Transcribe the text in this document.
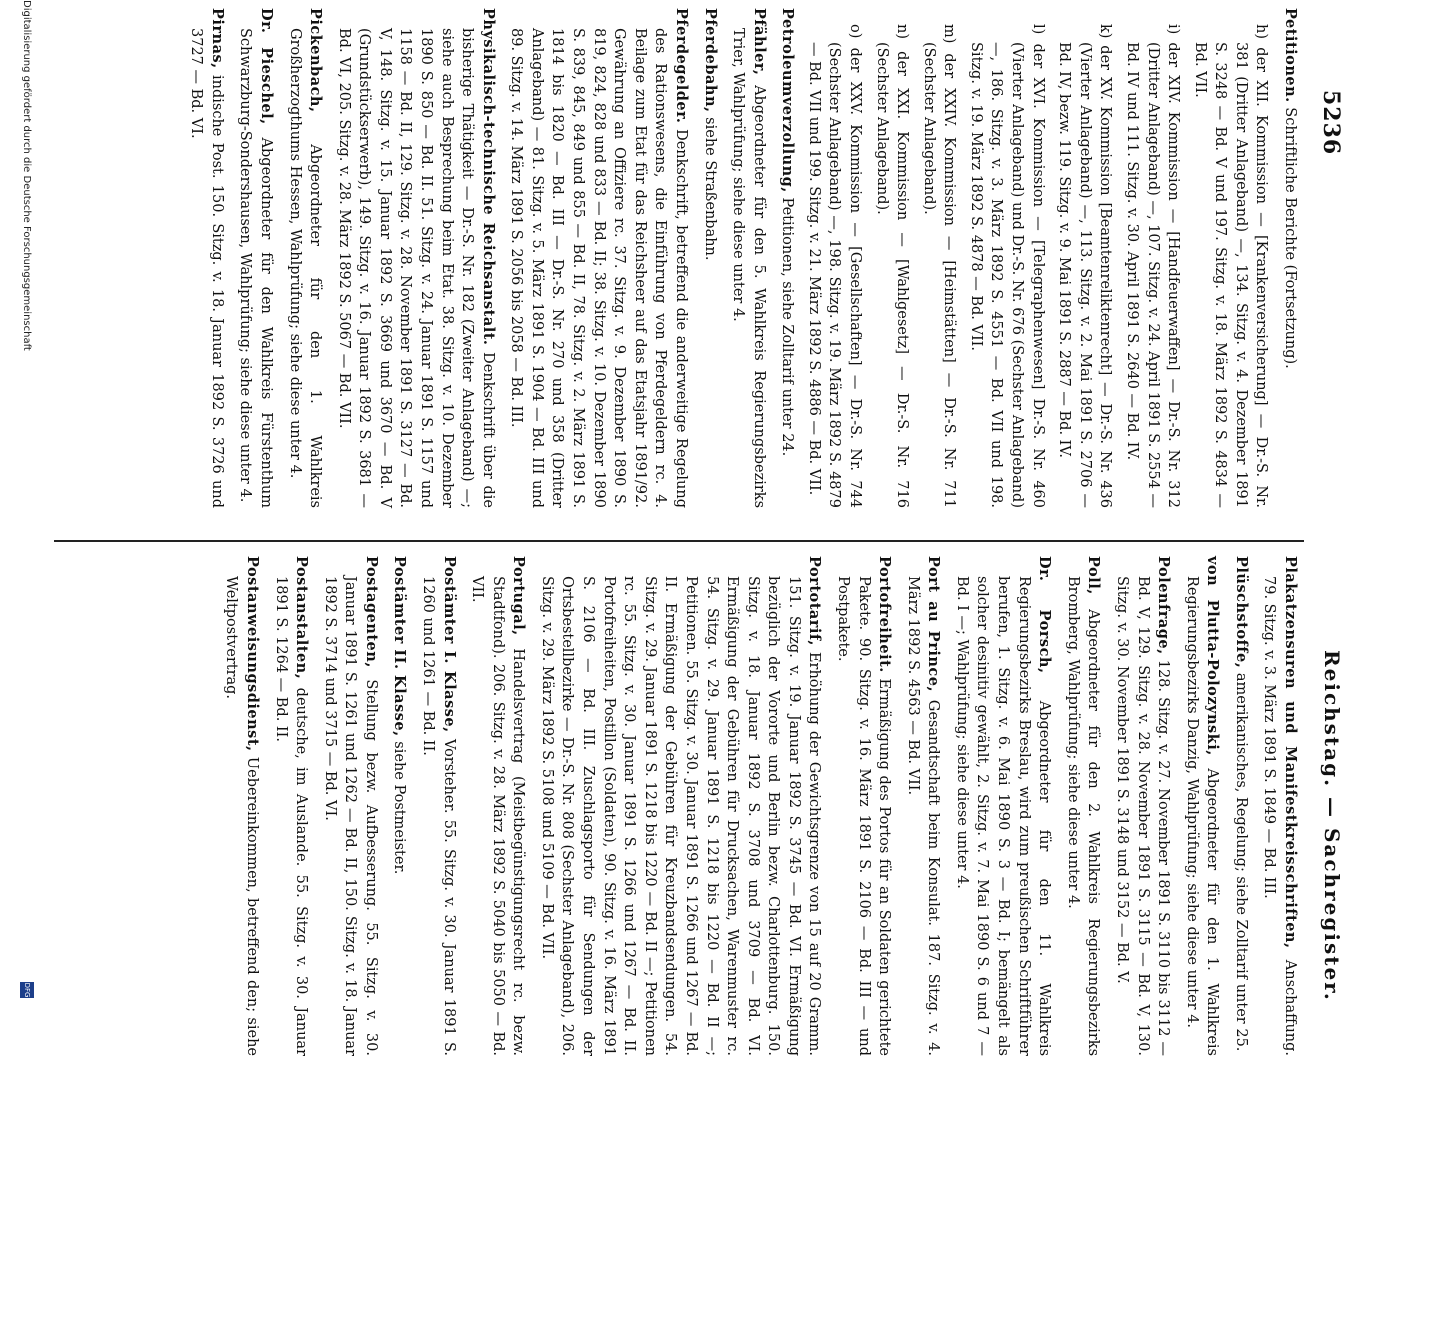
5236
Reichstag. — Sachregister.

Petitionen. Schriftliche Berichte (Fortsetzung).

h) der XII. Kommission — [Krankenversicherung] — Dr.-S. Nr. 381 (Dritter Anlageband) —, 134. Sitzg. v. 4. Dezember 1891 S. 3248 — Bd. V und 197. Sitzg. v. 18. März 1892 S. 4834 — Bd. VII.

i) der XIV. Kommission — [Handfeuerwaffen] — Dr.-S. Nr. 312 (Dritter Anlageband) —, 107. Sitzg. v. 24. April 1891 S. 2554 — Bd. IV und 111. Sitzg. v. 30. April 1891 S. 2640 — Bd. IV.

k) der XV. Kommission [Beamtenreliktenrecht] — Dr.-S. Nr. 436 (Vierter Anlageband) —, 113. Sitzg. v. 2. Mai 1891 S. 2706 — Bd. IV, bezw. 119. Sitzg. v. 9. Mai 1891 S. 2887 — Bd. IV.

l) der XVI. Kommission — [Telegraphenwesen] Dr.-S. Nr. 460 (Vierter Anlageband) und Dr.-S. Nr. 676 (Sechster Anlageband) —, 186. Sitzg. v. 3. März 1892 S. 4551 — Bd. VII und 198. Sitzg. v. 19. März 1892 S. 4878 — Bd. VII.

m) der XXIV. Kommission — [Heimstätten] — Dr.-S. Nr. 711 (Sechster Anlageband).

n) der XXI. Kommission — [Wahlgesetz] — Dr.-S. Nr. 716 (Sechster Anlageband).

o) der XXV. Kommission — [Gesellschaften] — Dr.-S. Nr. 744 (Sechster Anlageband) —, 198. Sitzg. v. 19. März 1892 S. 4879 — Bd. VII und 199. Sitzg. v. 21. März 1892 S. 4886 — Bd. VII.

Petroleumverzollung, Petitionen, siehe Zolltarif unter 24.

Pfähler, Abgeordneter für den 5. Wahlkreis Regierungsbezirks Trier, Wahlprüfung; siehe diese unter 4.

Pferdebahn, siehe Straßenbahn.

Pferdegelder. Denkschrift, betreffend die anderweitige Regelung des Rationswesens, die Einführung von Pferdegeldern rc. 4. Beilage zum Etat für das Reichsheer auf das Etatsjahr 1891/92. Gewährung an Offiziere rc. 37. Sitzg. v. 9. Dezember 1890 S. 819, 824, 828 und 833 — Bd. II; 38. Sitzg. v. 10. Dezember 1890 S. 839, 845, 849 und 855 — Bd. II, 78. Sitzg. v. 2. März 1891 S. 1814 bis 1820 — Bd. III — Dr.-S. Nr. 270 und 358 (Dritter Anlageband) — 81. Sitzg. v. 5. März 1891 S. 1904 — Bd. III und 89. Sitzg. v. 14. März 1891 S. 2056 bis 2058 — Bd. III.

Physikalisch-technische Reichsanstalt. Denkschrift über die bisherige Thätigkeit — Dr.-S. Nr. 182 (Zweiter Anlageband) —; siehe auch Besprechung beim Etat. 38. Sitzg. v. 10. Dezember 1890 S. 850 — Bd. II. 51. Sitzg. v. 24. Januar 1891 S. 1157 und 1158 — Bd. II, 129. Sitzg. v. 28. November 1891 S. 3127 — Bd. V, 148. Sitzg. v. 15. Januar 1892 S. 3669 und 3670 — Bd. V (Grundstückserwerb), 149. Sitzg. v. 16. Januar 1892 S. 3681 — Bd. VI, 205. Sitzg. v. 28. März 1892 S. 5067 — Bd. VII.

Pickenbach, Abgeordneter für den 1. Wahlkreis Großherzogthums Hessen, Wahlprüfung; siehe diese unter 4.

Dr. Pieschel, Abgeordneter für den Wahlkreis Fürstenthum Schwarzburg-Sondershausen, Wahlprüfung; siehe diese unter 4.

Pirnas, indische Post. 150. Sitzg. v. 18. Januar 1892 S. 3726 und 3727 — Bd. VI.

Plakatzensuren und Manifestkreisschriften, Anschaffung. 79. Sitzg. v. 3. März 1891 S. 1849 — Bd. III.

Plüschstoffe, amerikanisches, Regelung; siehe Zolltarif unter 25.

von Plutta-Polozynski, Abgeordneter für den 1. Wahlkreis Regierungsbezirks Danzig, Wahlprüfung; siehe diese unter 4.

Polenfrage, 128. Sitzg. v. 27. November 1891 S. 3110 bis 3112 — Bd. V, 129. Sitzg. v. 28. November 1891 S. 3115 — Bd. V, 130. Sitzg. v. 30. November 1891 S. 3148 und 3152 — Bd. V.

Poll, Abgeordneter für den 2. Wahlkreis Regierungsbezirks Bromberg, Wahlprüfung; siehe diese unter 4.

Dr. Porsch, Abgeordneter für den 11. Wahlkreis Regierungsbezirks Breslau, wird zum preußischen Schriftführer berufen, 1. Sitzg. v. 6. Mai 1890 S. 3 — Bd. I; bemängelt als solcher desinitiv gewählt, 2. Sitzg. v. 7. Mai 1890 S. 6 und 7 — Bd. I —; Wahlprüfung; siehe diese unter 4.

Port au Prince, Gesandtschaft beim Konsulat. 187. Sitzg. v. 4. März 1892 S. 4563 — Bd. VII.

Portofreiheit. Ermäßigung des Portos für an Soldaten gerichtete Pakete. 90. Sitzg. v. 16. März 1891 S. 2106 — Bd. III — und Postpakete.

Portotarif, Erhöhung der Gewichtsgrenze von 15 auf 20 Gramm. 151. Sitzg. v. 19. Januar 1892 S. 3745 — Bd. VI. Ermäßigung bezüglich der Vororte und Berlin bezw. Charlottenburg. 150. Sitzg. v. 18. Januar 1892 S. 3708 und 3709 — Bd. VI. Ermäßigung der Gebühren für Drucksachen, Warenmuster rc. 54. Sitzg. v. 29. Januar 1891 S. 1218 bis 1220 — Bd. II —; Petitionen. 55. Sitzg. v. 30. Januar 1891 S. 1266 und 1267 — Bd. II. Ermäßigung der Gebühren für Kreuzbandsendungen. 54. Sitzg. v. 29. Januar 1891 S. 1218 bis 1220 — Bd. II —; Petitionen rc. 55. Sitzg. v. 30. Januar 1891 S. 1266 und 1267 — Bd. II. Portofreiheiten, Postillon (Soldaten), 90. Sitzg. v. 16. März 1891 S. 2106 — Bd. III. Zuschlagsporto für Sendungen der Ortsbestellbezirke — Dr.-S. Nr. 808 (Sechster Anlageband), 206. Sitzg. v. 29. März 1892 S. 5108 und 5109 — Bd. VII.

Portugal, Handelsvertrag (Meistbegünstigungsrecht rc. bezw. Stadtfond). 206. Sitzg. v. 28. März 1892 S. 5040 bis 5050 — Bd. VII.

Postämter I. Klasse, Vorsteher. 55. Sitzg. v. 30. Januar 1891 S. 1260 und 1261 — Bd. II.

Postämter II. Klasse, siehe Postmeister.

Postagenten, Stellung bezw. Aufbesserung. 55. Sitzg. v. 30. Januar 1891 S. 1261 und 1262 — Bd. II, 150. Sitzg. v. 18. Januar 1892 S. 3714 und 3715 — Bd. VI.

Postanstalten, deutsche, im Auslande. 55. Sitzg. v. 30. Januar 1891 S. 1264 — Bd. II.

Postanweisungsdienst, Uebereinkommen, betreffend den; siehe Weltpostvertrag.

Digitalisierung gefördert durch die Deutsche Forschungsgemeinschaft
DFG
